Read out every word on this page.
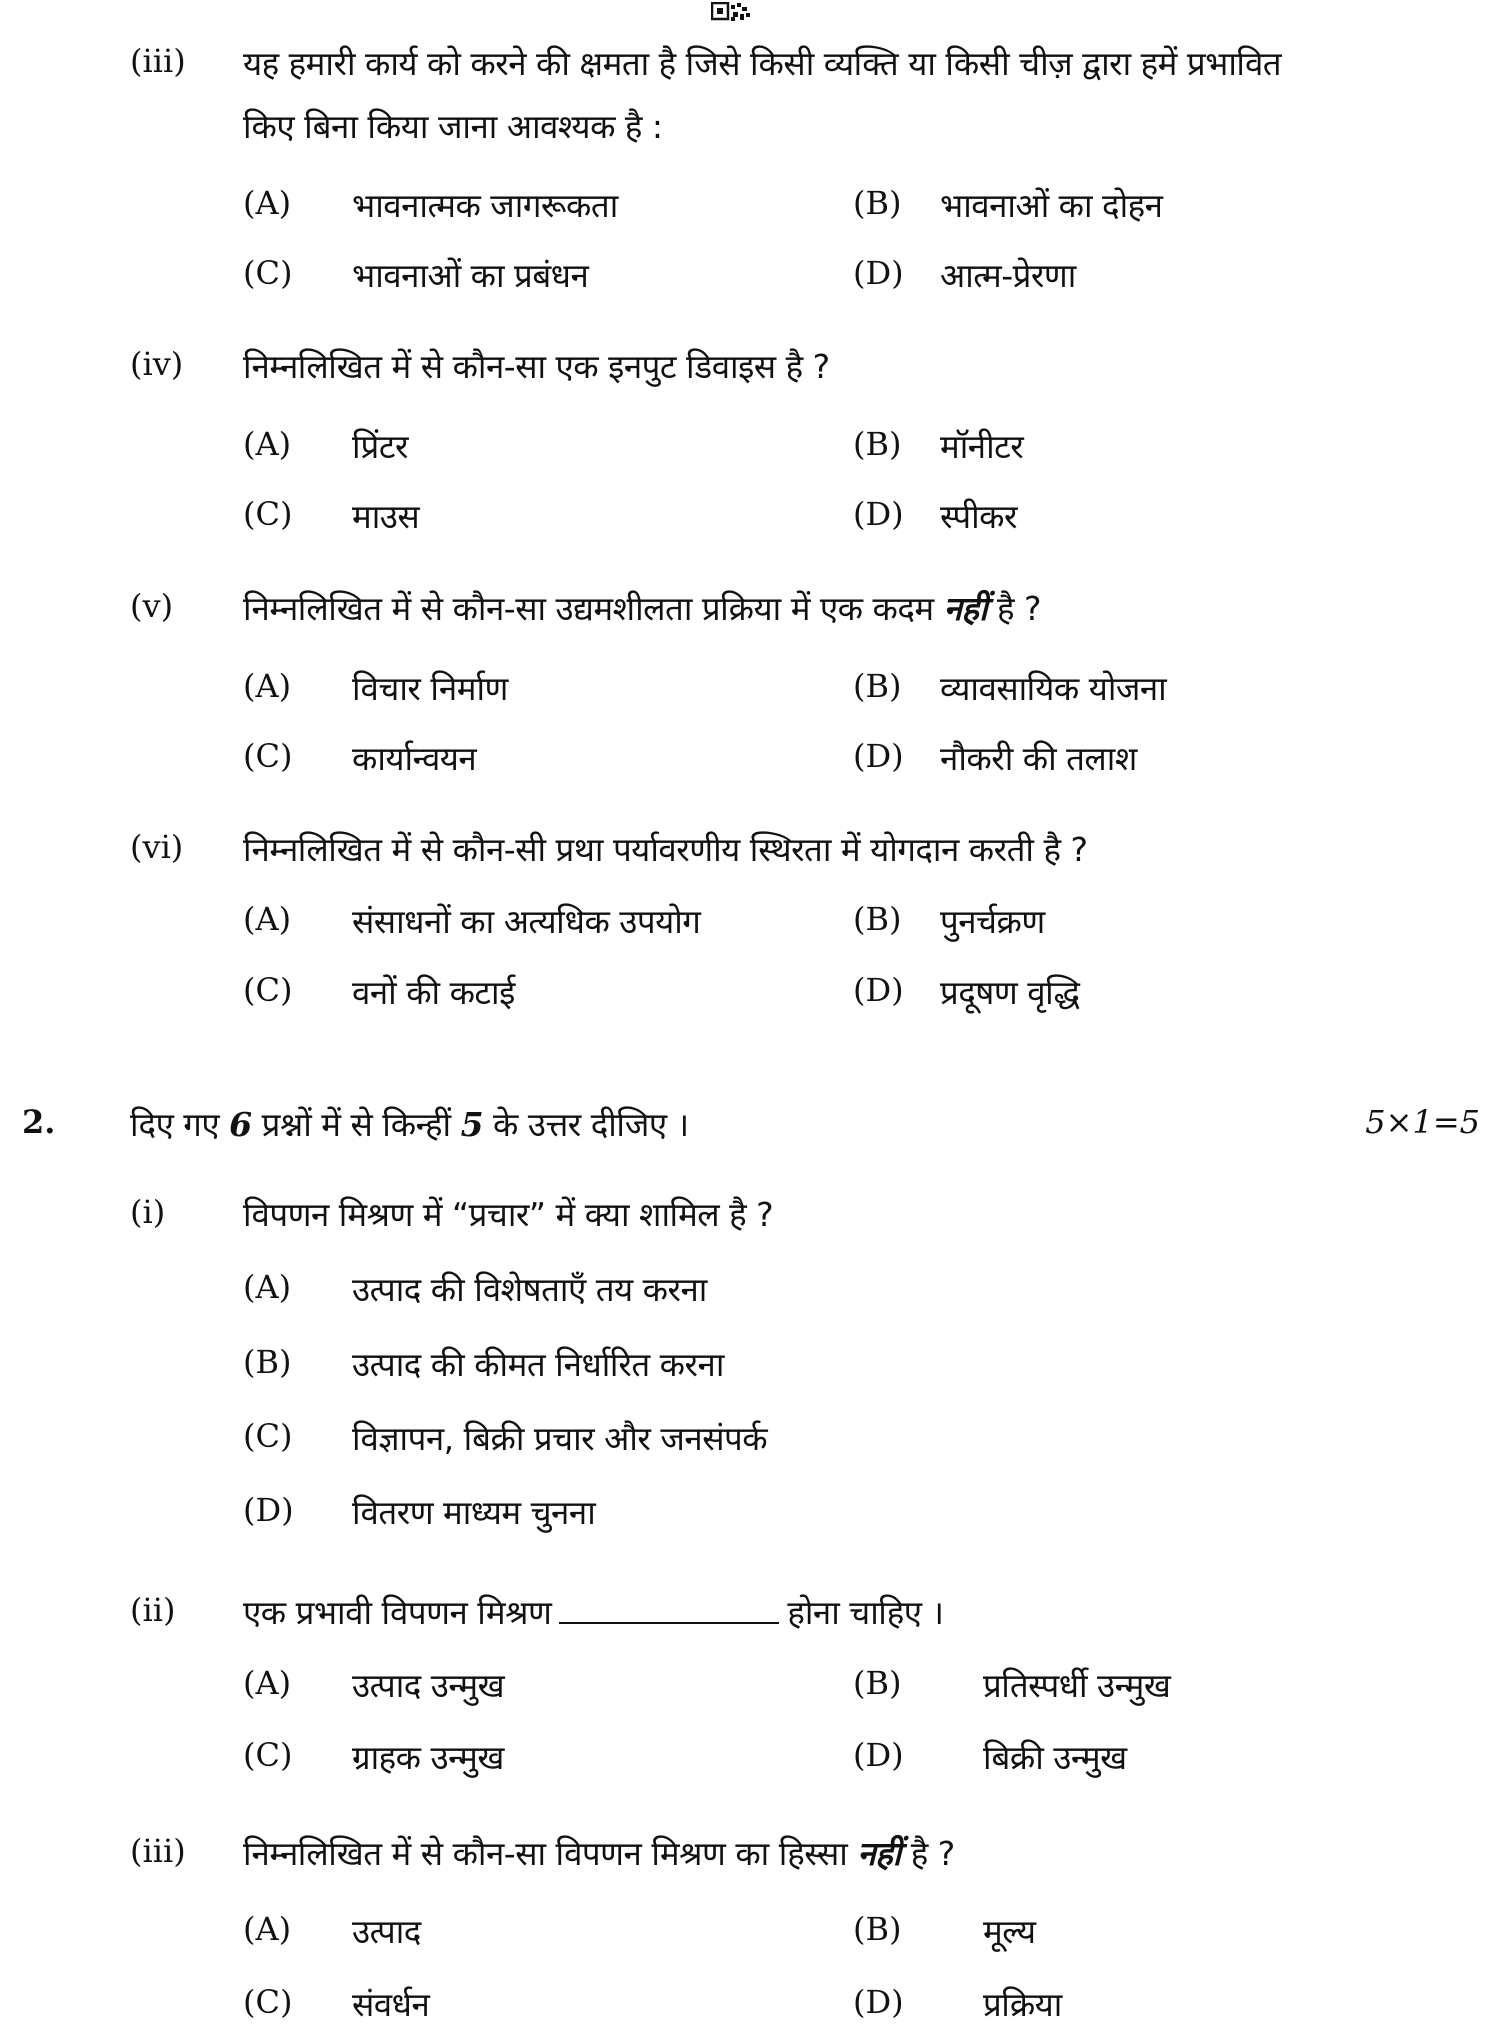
(iii) यह हमारी कार्य को करने की क्षमता है जिसे किसी व्यक्ति या किसी चीज़ द्वारा हमें प्रभावित
किए बिना किया जाना आवश्यक है :
(A) भावनात्मक जागरूकता	(B) भावनाओं का दोहन
(C) भावनाओं का प्रबंधन	(D) आत्म-प्रेरणा
(iv) निम्नलिखित में से कौन-सा एक इनपुट डिवाइस है ?
(A) प्रिंटर	(B) मॉनीटर
(C) माउस	(D) स्पीकर
(v) निम्नलिखित में से कौन-सा उद्यमशीलता प्रक्रिया में एक कदम नहीं है ?
(A) विचार निर्माण	(B) व्यावसायिक योजना
(C) कार्यान्वयन	(D) नौकरी की तलाश
(vi) निम्नलिखित में से कौन-सी प्रथा पर्यावरणीय स्थिरता में योगदान करती है ?
(A) संसाधनों का अत्यधिक उपयोग	(B) पुनर्चक्रण
(C) वनों की कटाई	(D) प्रदूषण वृद्धि
2. दिए गए 6 प्रश्नों में से किन्हीं 5 के उत्तर दीजिए ।	5×1=5
(i) विपणन मिश्रण में “प्रचार” में क्या शामिल है ?
(A) उत्पाद की विशेषताएँ तय करना
(B) उत्पाद की कीमत निर्धारित करना
(C) विज्ञापन, बिक्री प्रचार और जनसंपर्क
(D) वितरण माध्यम चुनना
(ii) एक प्रभावी विपणन मिश्रण	होना चाहिए ।
(A) उत्पाद उन्मुख	(B) प्रतिस्पर्धी उन्मुख
(C) ग्राहक उन्मुख	(D) बिक्री उन्मुख
(iii) निम्नलिखित में से कौन-सा विपणन मिश्रण का हिस्सा नहीं है ?
(A) उत्पाद	(B) मूल्य
(C) संवर्धन	(D) प्रक्रिया
